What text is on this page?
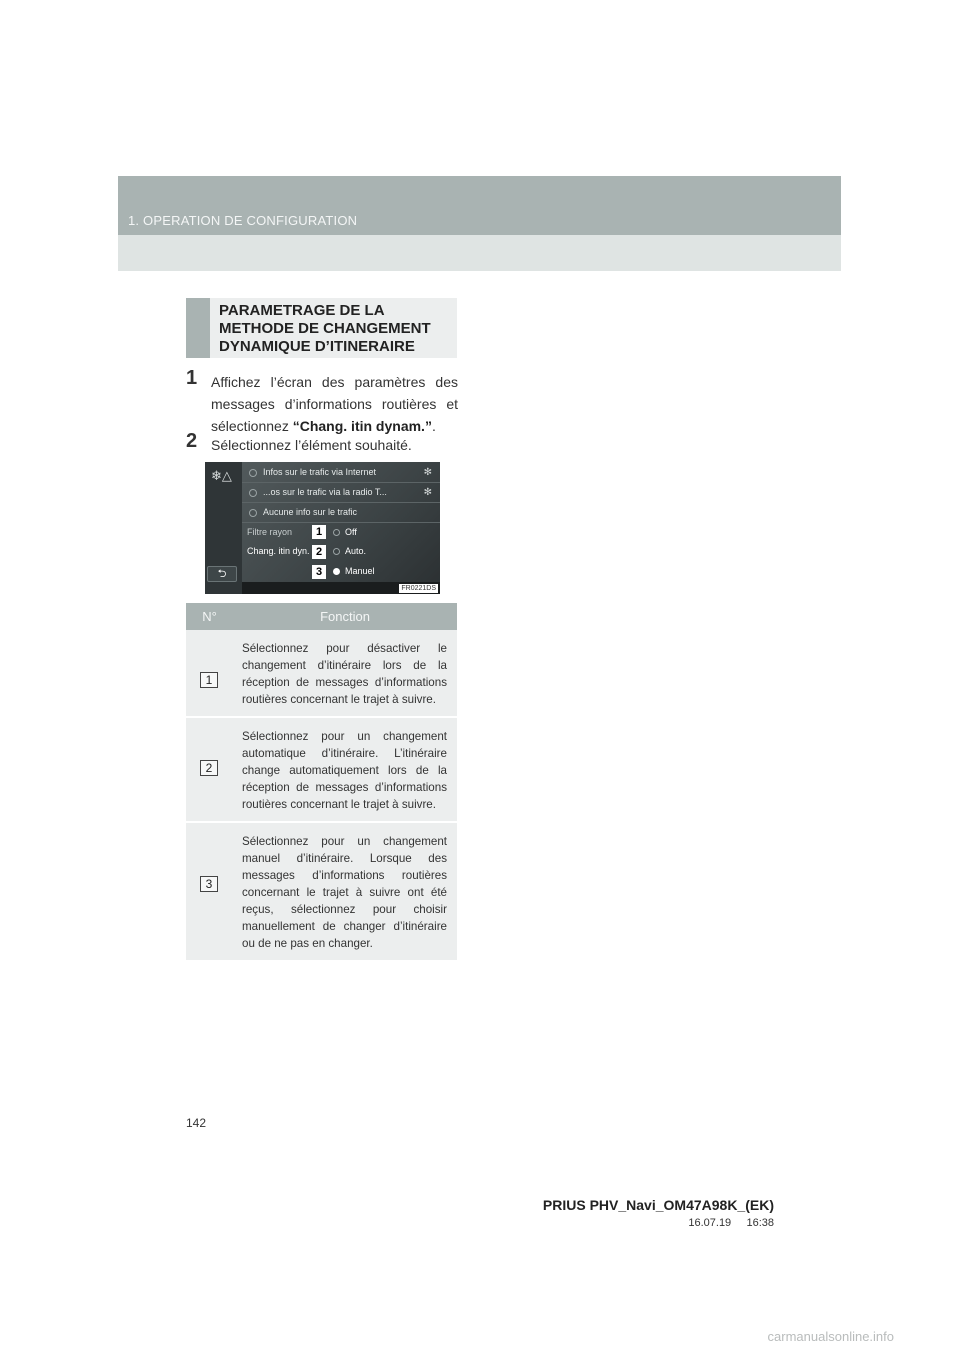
1. OPERATION DE CONFIGURATION
PARAMETRAGE DE LA METHODE DE CHANGEMENT DYNAMIQUE D’ITINERAIRE
1 Affichez l’écran des paramètres des messages d’informations routières et sélectionnez “Chang. itin dynam.”.
2 Sélectionnez l’élément souhaité.
❄△	Infos sur le trafic via Internet	✻
...os sur le trafic via la radio T...	✻
Aucune info sur le trafic
Filtre rayon
Chang. itin dyn.
1
2
3
Off
Auto.
Manuel
⮌
FR0221DS
N°	Fonction
1
Sélectionnez pour désactiver le changement d’itinéraire lors de la réception de messages d’informations routières concernant le trajet à suivre.
2
Sélectionnez pour un changement automatique d’itinéraire. L’itinéraire change automatiquement lors de la réception de messages d’informations routières concernant le trajet à suivre.
3
Sélectionnez pour un changement manuel d’itinéraire. Lorsque des messages d’informations routières concernant le trajet à suivre ont été reçus, sélectionnez pour choisir manuellement de changer d’itinéraire ou de ne pas en changer.
142
PRIUS PHV_Navi_OM47A98K_(EK)
16.07.19     16:38
carmanualsonline.info
